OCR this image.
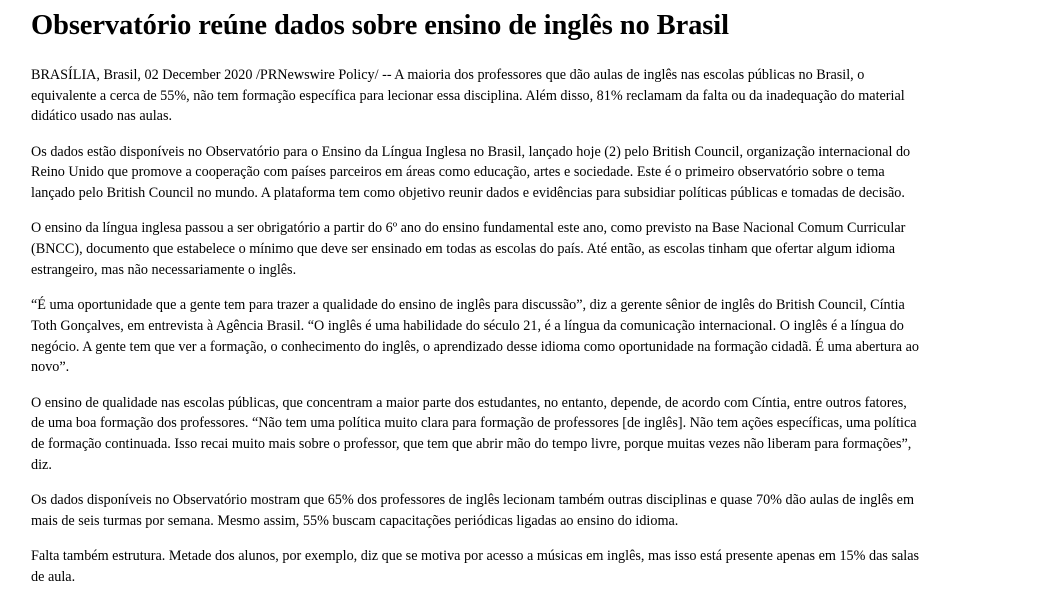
Observatório reúne dados sobre ensino de inglês no Brasil

BRASÍLIA, Brasil, 02 December 2020 /PRNewswire Policy/ -- A maioria dos professores que dão aulas de inglês nas escolas públicas no Brasil, o equivalente a cerca de 55%, não tem formação específica para lecionar essa disciplina. Além disso, 81% reclamam da falta ou da inadequação do material didático usado nas aulas.

Os dados estão disponíveis no Observatório para o Ensino da Língua Inglesa no Brasil, lançado hoje (2) pelo British Council, organização internacional do Reino Unido que promove a cooperação com países parceiros em áreas como educação, artes e sociedade. Este é o primeiro observatório sobre o tema lançado pelo British Council no mundo. A plataforma tem como objetivo reunir dados e evidências para subsidiar políticas públicas e tomadas de decisão.

O ensino da língua inglesa passou a ser obrigatório a partir do 6º ano do ensino fundamental este ano, como previsto na Base Nacional Comum Curricular (BNCC), documento que estabelece o mínimo que deve ser ensinado em todas as escolas do país. Até então, as escolas tinham que ofertar algum idioma estrangeiro, mas não necessariamente o inglês.

“É uma oportunidade que a gente tem para trazer a qualidade do ensino de inglês para discussão”, diz a gerente sênior de inglês do British Council, Cíntia Toth Gonçalves, em entrevista à Agência Brasil. “O inglês é uma habilidade do século 21, é a língua da comunicação internacional. O inglês é a língua do negócio. A gente tem que ver a formação, o conhecimento do inglês, o aprendizado desse idioma como oportunidade na formação cidadã. É uma abertura ao novo”.

O ensino de qualidade nas escolas públicas, que concentram a maior parte dos estudantes, no entanto, depende, de acordo com Cíntia, entre outros fatores, de uma boa formação dos professores. “Não tem uma política muito clara para formação de professores [de inglês]. Não tem ações específicas, uma política de formação continuada. Isso recai muito mais sobre o professor, que tem que abrir mão do tempo livre, porque muitas vezes não liberam para formações”, diz.

Os dados disponíveis no Observatório mostram que 65% dos professores de inglês lecionam também outras disciplinas e quase 70% dão aulas de inglês em mais de seis turmas por semana. Mesmo assim, 55% buscam capacitações periódicas ligadas ao ensino do idioma.

Falta também estrutura. Metade dos alunos, por exemplo, diz que se motiva por acesso a músicas em inglês, mas isso está presente apenas em 15% das salas de aula.
